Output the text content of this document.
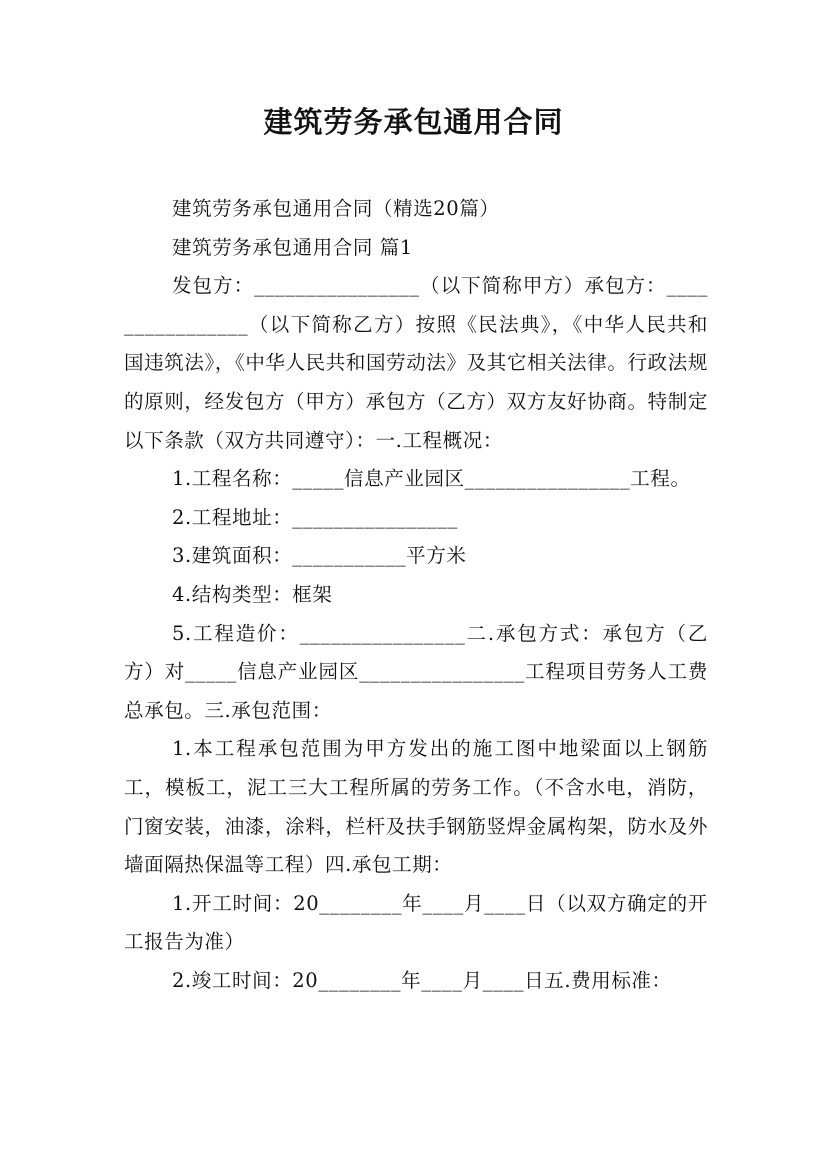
建筑劳务承包通用合同

建筑劳务承包通用合同（精选20篇）

建筑劳务承包通用合同 篇1

发包方：________________（以下简称甲方）承包方：________________（以下简称乙方）按照《民法典》，《中华人民共和国违筑法》，《中华人民共和国劳动法》及其它相关法律。行政法规的原则，经发包方（甲方）承包方（乙方）双方友好协商。特制定以下条款（双方共同遵守）：一.工程概况：

1.工程名称：_____信息产业园区________________工程。

2.工程地址：________________

3.建筑面积：___________平方米

4.结构类型：框架

5.工程造价：________________二.承包方式：承包方（乙方）对_____信息产业园区________________工程项目劳务人工费总承包。三.承包范围：

1.本工程承包范围为甲方发出的施工图中地梁面以上钢筋工，模板工，泥工三大工程所属的劳务工作。（不含水电，消防，门窗安装，油漆，涂料，栏杆及扶手钢筋竖焊金属构架，防水及外墙面隔热保温等工程）四.承包工期：

1.开工时间：20________年____月____日（以双方确定的开工报告为准）

2.竣工时间：20________年____月____日五.费用标准：
